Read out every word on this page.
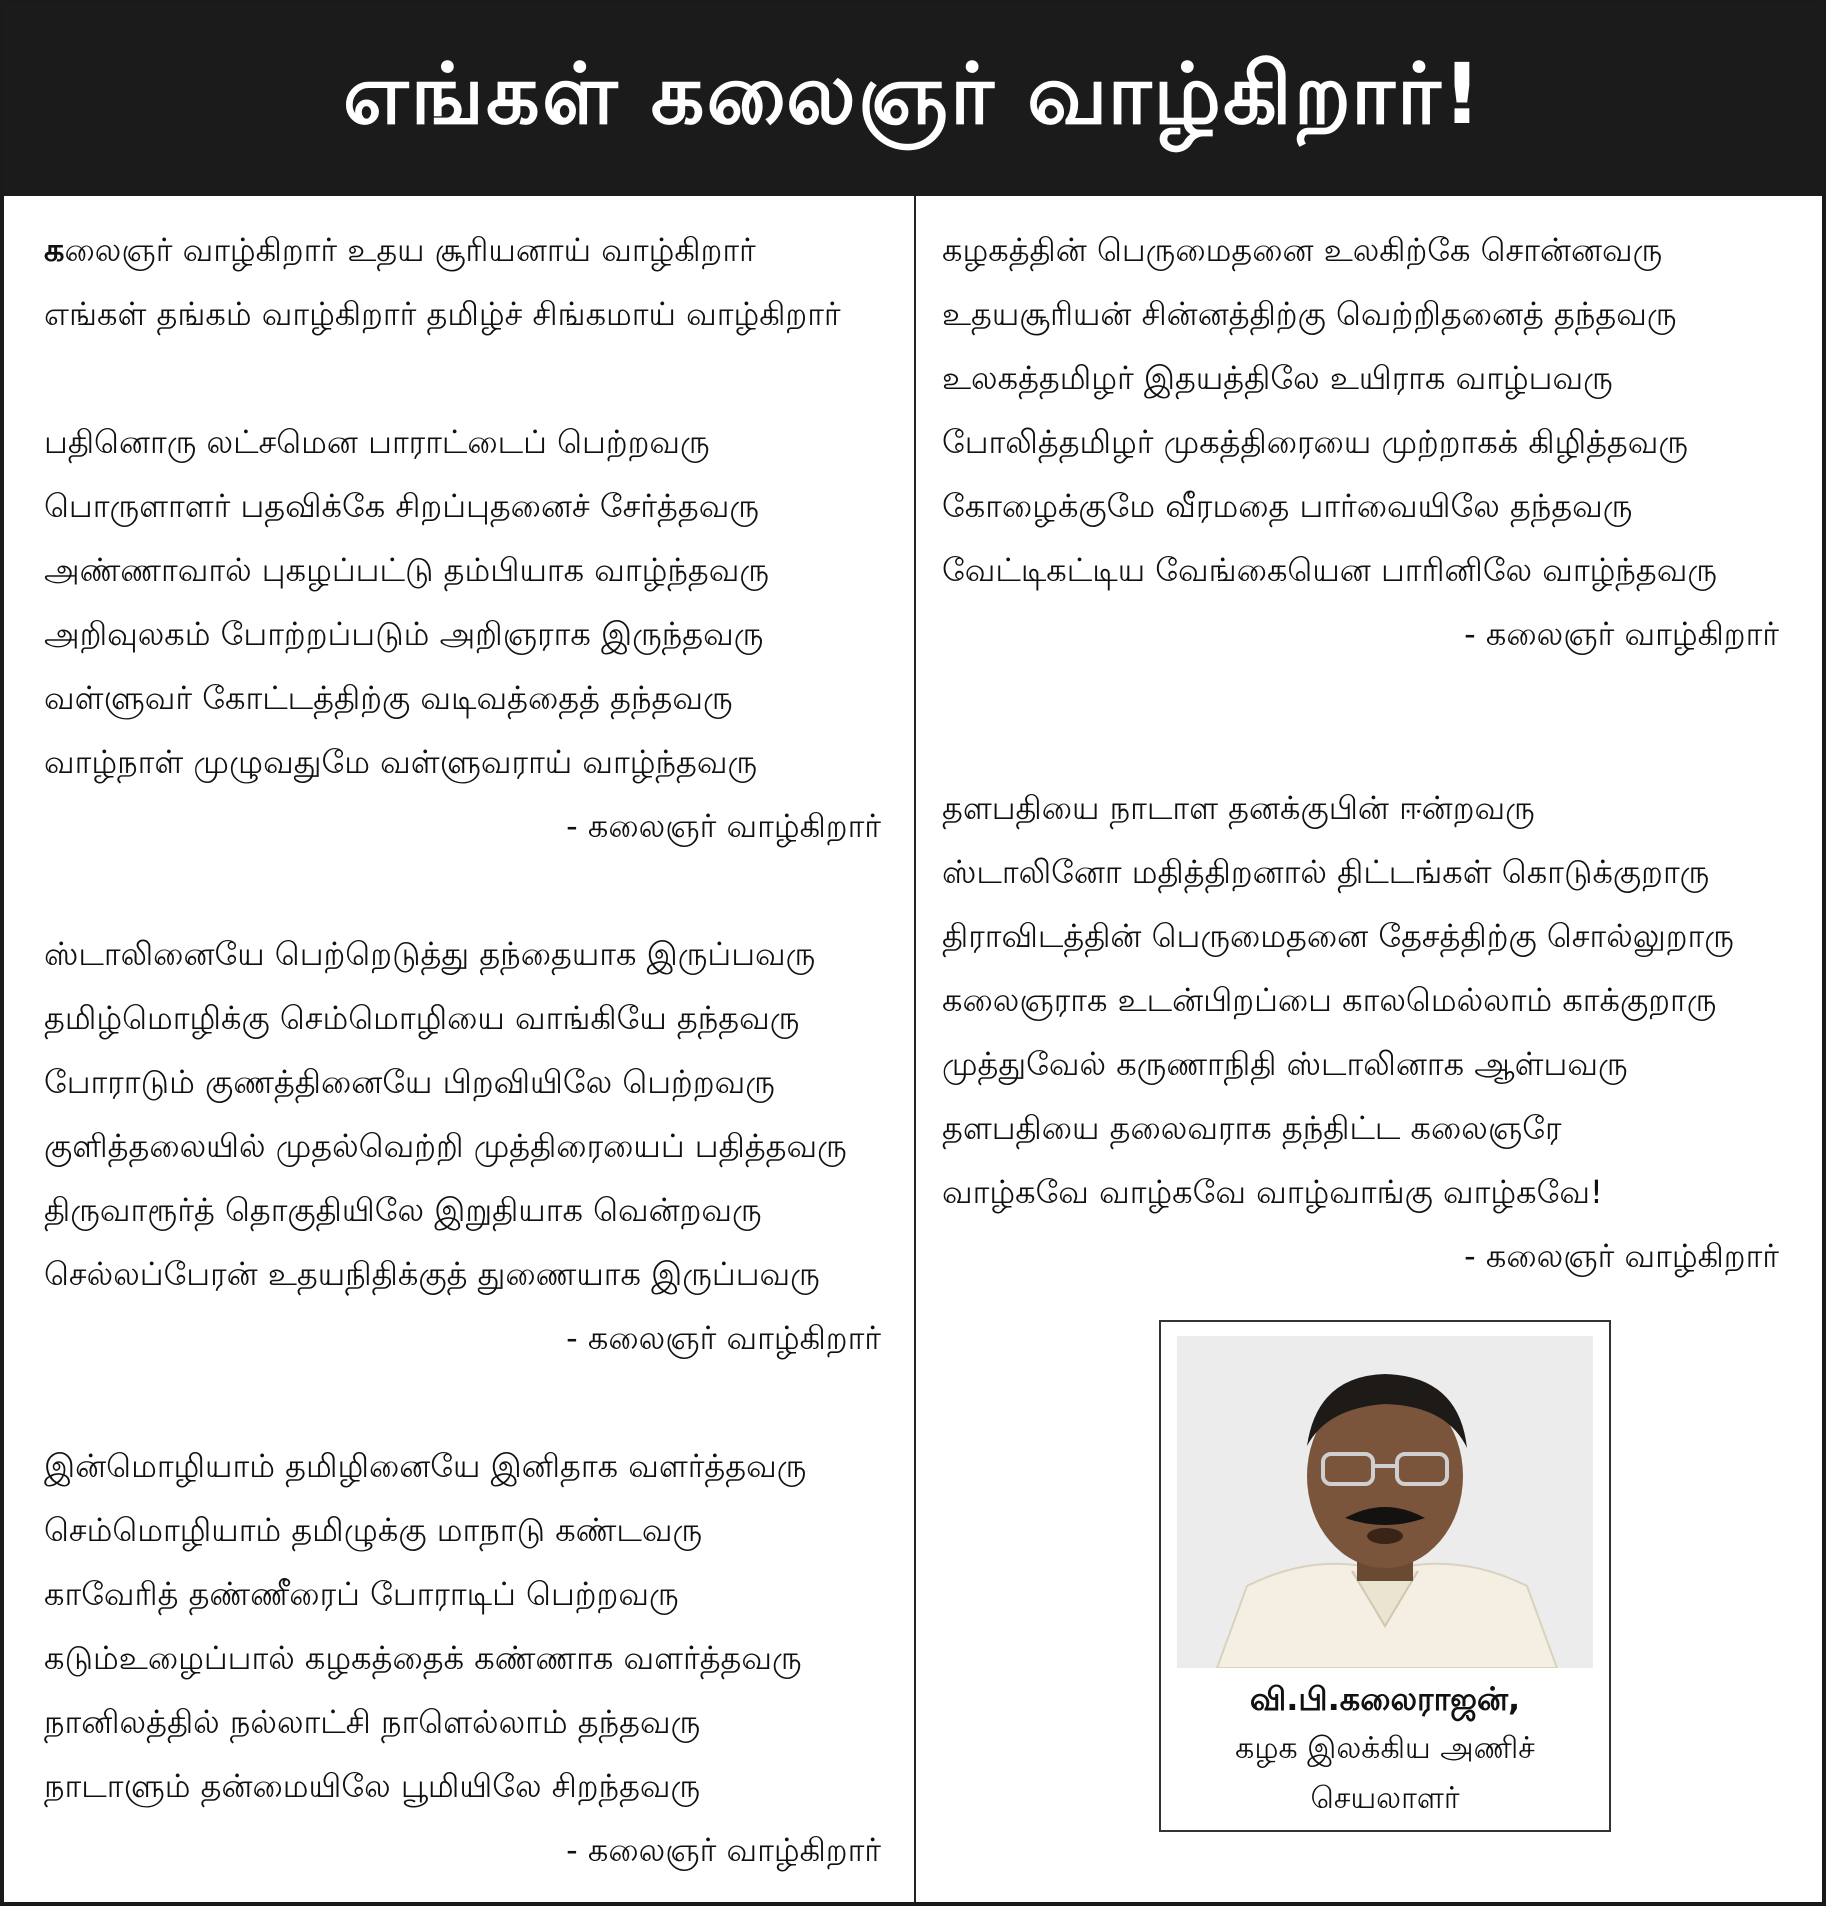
எங்கள் கலைஞர் வாழ்கிறார்!
கலைஞர் வாழ்கிறார் உதய சூரியனாய் வாழ்கிறார்
எங்கள் தங்கம் வாழ்கிறார் தமிழ்ச் சிங்கமாய் வாழ்கிறார்
பதினொரு லட்சமென பாராட்டைப் பெற்றவரு
பொருளாளர் பதவிக்கே சிறப்புதனைச் சேர்த்தவரு
அண்ணாவால் புகழப்பட்டு தம்பியாக வாழ்ந்தவரு
அறிவுலகம் போற்றப்படும் அறிஞராக இருந்தவரு
வள்ளுவர் கோட்டத்திற்கு வடிவத்தைத் தந்தவரு
வாழ்நாள் முழுவதுமே வள்ளுவராய் வாழ்ந்தவரு
- கலைஞர் வாழ்கிறார்
ஸ்டாலினையே பெற்றெடுத்து தந்தையாக இருப்பவரு
தமிழ்மொழிக்கு செம்மொழியை வாங்கியே தந்தவரு
போராடும் குணத்தினையே பிறவியிலே பெற்றவரு
குளித்தலையில் முதல்வெற்றி முத்திரையைப் பதித்தவரு
திருவாரூர்த் தொகுதியிலே இறுதியாக வென்றவரு
செல்லப்பேரன் உதயநிதிக்குத் துணையாக இருப்பவரு
- கலைஞர் வாழ்கிறார்
இன்மொழியாம் தமிழினையே இனிதாக வளர்த்தவரு
செம்மொழியாம் தமிழுக்கு மாநாடு கண்டவரு
காவேரித் தண்ணீரைப் போராடிப் பெற்றவரு
கடும்உழைப்பால் கழகத்தைக் கண்ணாக வளர்த்தவரு
நானிலத்தில் நல்லாட்சி நாளெல்லாம் தந்தவரு
நாடாளும் தன்மையிலே பூமியிலே சிறந்தவரு
- கலைஞர் வாழ்கிறார்
கழகத்தின் பெருமைதனை உலகிற்கே சொன்னவரு
உதயசூரியன் சின்னத்திற்கு வெற்றிதனைத் தந்தவரு
உலகத்தமிழர் இதயத்திலே உயிராக வாழ்பவரு
போலித்தமிழர் முகத்திரையை முற்றாகக் கிழித்தவரு
கோழைக்குமே வீரமதை பார்வையிலே தந்தவரு
வேட்டிகட்டிய வேங்கையென பாரினிலே வாழ்ந்தவரு
- கலைஞர் வாழ்கிறார்
தளபதியை நாடாள தனக்குபின் ஈன்றவரு
ஸ்டாலினோ மதித்திறனால் திட்டங்கள் கொடுக்குறாரு
திராவிடத்தின் பெருமைதனை தேசத்திற்கு சொல்லுறாரு
கலைஞராக உடன்பிறப்பை காலமெல்லாம் காக்குறாரு
முத்துவேல் கருணாநிதி ஸ்டாலினாக ஆள்பவரு
தளபதியை தலைவராக தந்திட்ட கலைஞரே
வாழ்கவே வாழ்கவே வாழ்வாங்கு வாழ்கவே!
- கலைஞர் வாழ்கிறார்
வி.பி.கலைராஜன்,
கழக இலக்கிய அணிச்
செயலாளர்
